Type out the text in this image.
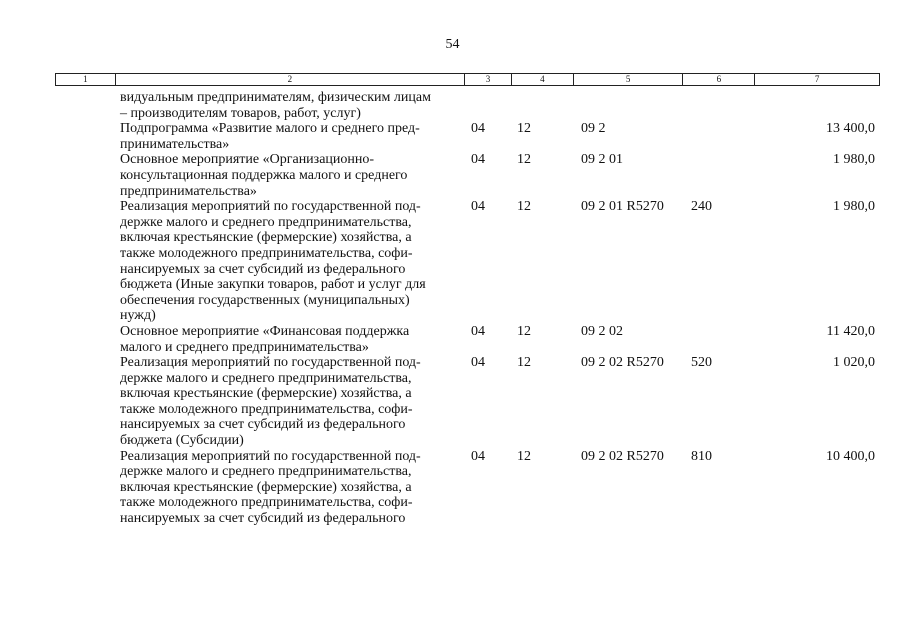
54
1	2	3	4	5	6	7
видуальным предпринимателям, физическим лицам
– производителям товаров, работ, услуг)
Подпрограмма «Развитие малого и среднего пред-
принимательства»
04 12	09 2	13 400,0
Основное мероприятие «Организационно-
консультационная поддержка малого и среднего
предпринимательства»
04 12	09 2 01	1 980,0
Реализация мероприятий по государственной под-
держке малого и среднего предпринимательства,
включая крестьянские (фермерские) хозяйства, а
также молодежного предпринимательства, софи-
нансируемых за счет субсидий из федерального
бюджета (Иные закупки товаров, работ и услуг для
обеспечения государственных (муниципальных)
нужд)
04 12	09 2 01 R5270 240	1 980,0
Основное мероприятие «Финансовая поддержка
малого и среднего предпринимательства»
04 12	09 2 02	11 420,0
Реализация мероприятий по государственной под-
держке малого и среднего предпринимательства,
включая крестьянские (фермерские) хозяйства, а
также молодежного предпринимательства, софи-
нансируемых за счет субсидий из федерального
бюджета (Субсидии)
04 12	09 2 02 R5270 520	1 020,0
Реализация мероприятий по государственной под-
держке малого и среднего предпринимательства,
включая крестьянские (фермерские) хозяйства, а
также молодежного предпринимательства, софи-
нансируемых за счет субсидий из федерального
04 12	09 2 02 R5270 810	10 400,0
